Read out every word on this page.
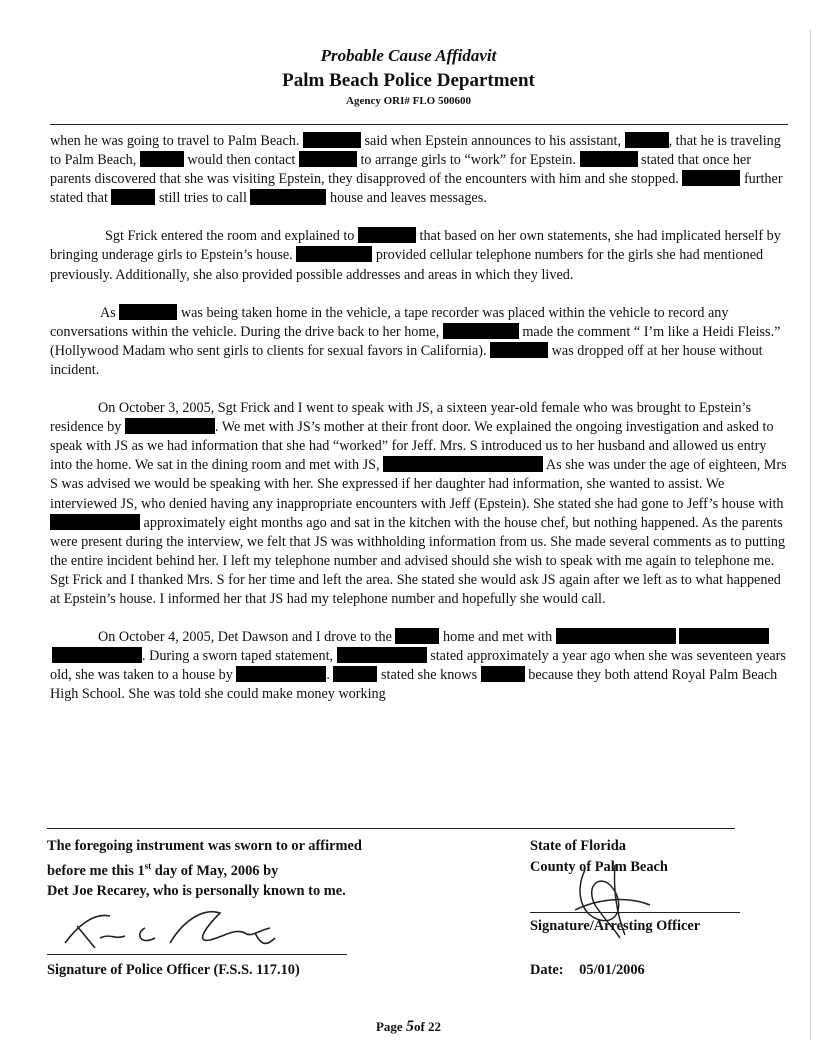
Probable Cause Affidavit
Palm Beach Police Department
Agency ORI# FLO 500600

when he was going to travel to Palm Beach.	said when Epstein announces to his assistant,	, that he is traveling to Palm Beach,	would then contact	to arrange girls to “work” for Epstein.	stated that once her parents discovered that she was visiting Epstein, they disapproved of the encounters with him and she stopped.	further stated that	still tries to call	house and leaves messages.

Sgt Frick entered the room and explained to	that based on her own statements, she had implicated herself by bringing underage girls to Epstein’s house.	provided cellular telephone numbers for the girls she had mentioned previously. Additionally, she also provided possible addresses and areas in which they lived.

As	was being taken home in the vehicle, a tape recorder was placed within the vehicle to record any conversations within the vehicle. During the drive back to her home,	made the comment “ I’m like a Heidi Fleiss.” (Hollywood Madam who sent girls to clients for sexual favors in California).	was dropped off at her house without incident.

On October 3, 2005, Sgt Frick and I went to speak with JS, a sixteen year-old female who was brought to Epstein’s residence by	. We met with JS’s mother at their front door. We explained the ongoing investigation and asked to speak with JS as we had information that she had “worked” for Jeff. Mrs. S introduced us to her husband and allowed us entry into the home. We sat in the dining room and met with JS,	As she was under the age of eighteen, Mrs S was advised we would be speaking with her. She expressed if her daughter had information, she wanted to assist. We interviewed JS, who denied having any inappropriate encounters with Jeff (Epstein). She stated she had gone to Jeff’s house with  approximately eight months ago and sat in the kitchen with the house chef, but nothing happened. As the parents were present during the interview, we felt that JS was withholding information from us. She made several comments as to putting the entire incident behind her. I left my telephone number and advised should she wish to speak with me again to telephone me. Sgt Frick and I thanked Mrs. S for her time and left the area. She stated she would ask JS again after we left as to what happened at Epstein’s house. I informed her that JS had my telephone number and hopefully she would call.

On October 4, 2005, Det Dawson and I drove to the	home and met with  . During a sworn taped statement,	stated approximately a year ago when she was seventeen years old, she was taken to a house by	.	stated she knows	because they both attend Royal Palm Beach High School. She was told she could make money working

The foregoing instrument was sworn to or affirmed
before me this 1st day of May, 2006 by
Det Joe Recarey, who is personally known to me.
Signature of Police Officer (F.S.S. 117.10)
State of Florida
County of Palm Beach
Signature/Arresting Officer
Date: 05/01/2006
Page 5of 22
